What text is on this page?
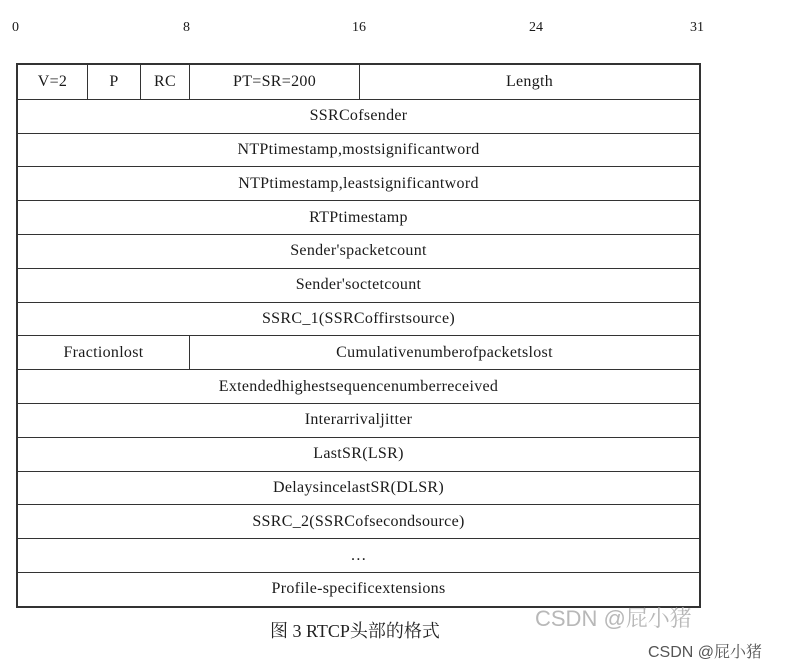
0	8	16	24	31
V=2	P	RC	PT=SR=200	Length
SSRCofsender
NTPtimestamp,mostsignificantword
NTPtimestamp,leastsignificantword
RTPtimestamp
Sender'spacketcount
Sender'soctetcount
SSRC_1(SSRCoffirstsource)
Fractionlost	Cumulativenumberofpacketslost
Extendedhighestsequencenumberreceived
Interarrivaljitter
LastSR(LSR)
DelaysincelastSR(DLSR)
SSRC_2(SSRCofsecondsource)
…
Profile-specificextensions
图 3 RTCP头部的格式	CSDN @屁小猪
CSDN @屁小猪
